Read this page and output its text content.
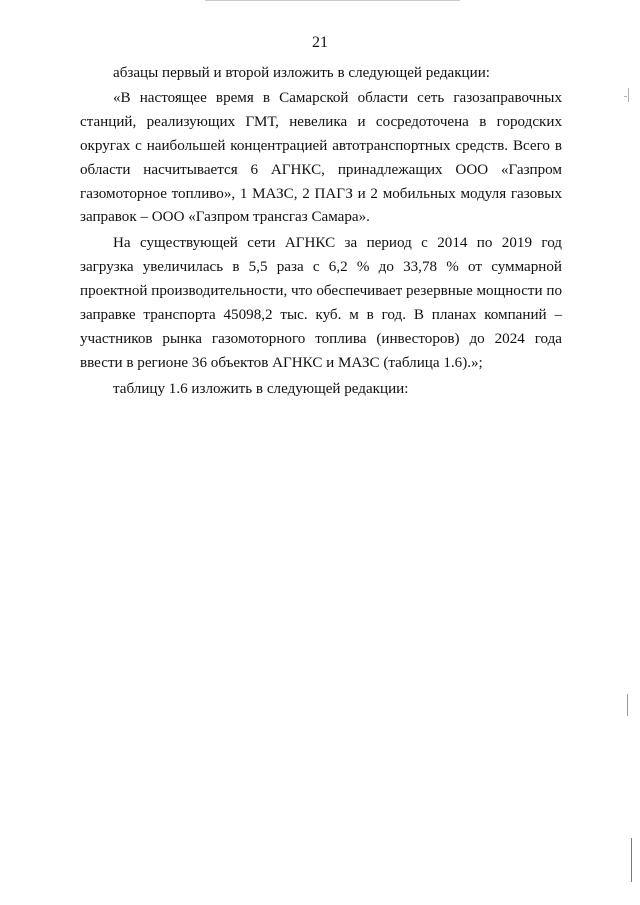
21

абзацы первый и второй изложить в следующей редакции:

«В настоящее время в Самарской области сеть газозаправочных станций, реализующих ГМТ, невелика и сосредоточена в городских округах с наибольшей концентрацией автотранспортных средств. Всего в области насчитывается 6 АГНКС, принадлежащих ООО «Газпром газомоторное топливо», 1 МАЗС, 2 ПАГЗ и 2 мобильных модуля газовых заправок – ООО «Газпром трансгаз Самара».

На существующей сети АГНКС за период с 2014 по 2019 год загрузка увеличилась в 5,5 раза с 6,2 % до 33,78 % от суммарной проектной производительности, что обеспечивает резервные мощности по заправке транспорта 45098,2 тыс. куб. м в год. В планах компаний – участников рынка газомоторного топлива (инвесторов) до 2024 года ввести в регионе 36 объектов АГНКС и МАЗС (таблица 1.6).»;

таблицу 1.6 изложить в следующей редакции:
